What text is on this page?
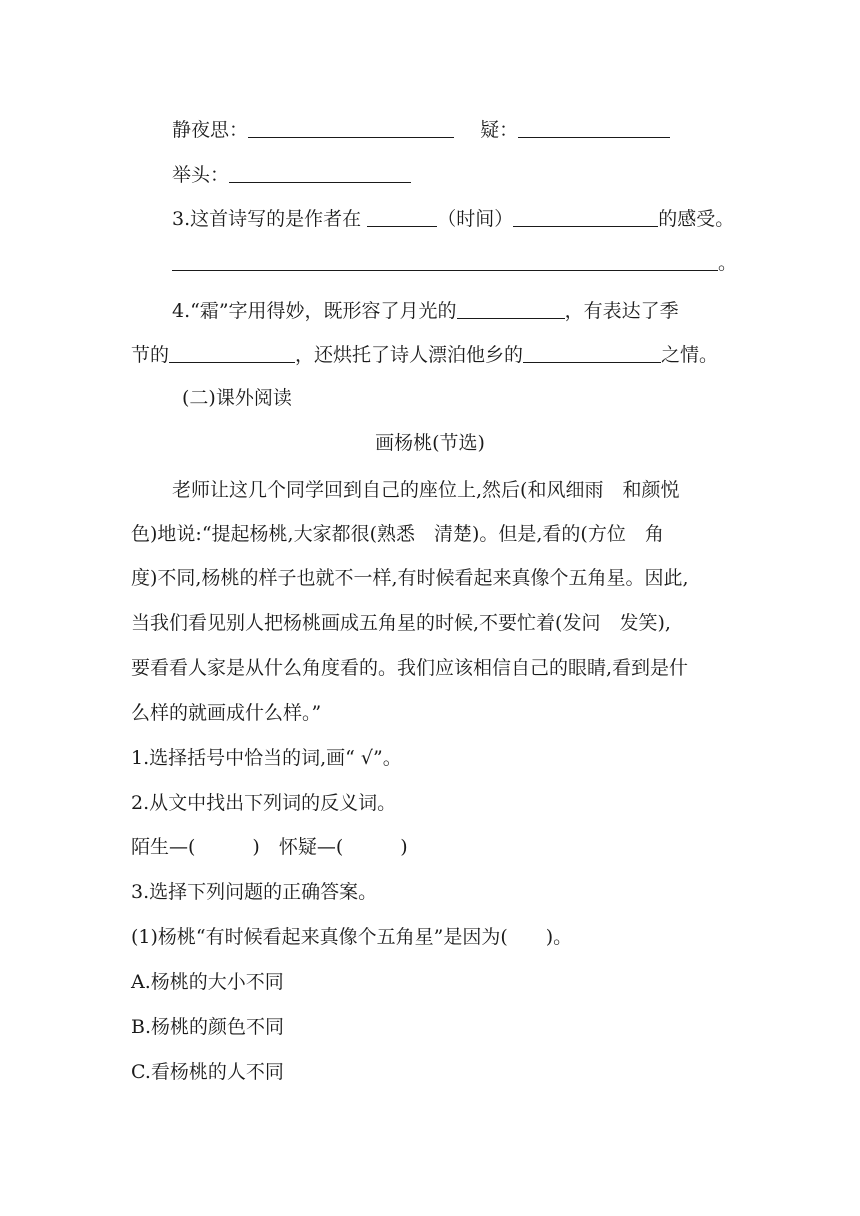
静夜思：	疑：
举头：
3.这首诗写的是作者在	（时间）	的感受。
。
4.“霜”字用得妙，既形容了月光的	，有表达了季
节的	，还烘托了诗人漂泊他乡的	之情。
(二)课外阅读
画杨桃(节选)
老师让这几个同学回到自己的座位上,然后(和风细雨　和颜悦
色)地说:“提起杨桃,大家都很(熟悉　清楚)。但是,看的(方位　角
度)不同,杨桃的样子也就不一样,有时候看起来真像个五角星。因此,
当我们看见别人把杨桃画成五角星的时候,不要忙着(发问　发笑),
要看看人家是从什么角度看的。我们应该相信自己的眼睛,看到是什
么样的就画成什么样。”
1.选择括号中恰当的词,画“ √”。
2.从文中找出下列词的反义词。
陌生—(　　　)　怀疑—(　　　)
3.选择下列问题的正确答案。
(1)杨桃“有时候看起来真像个五角星”是因为(　　)。
A.杨桃的大小不同
B.杨桃的颜色不同
C.看杨桃的人不同
